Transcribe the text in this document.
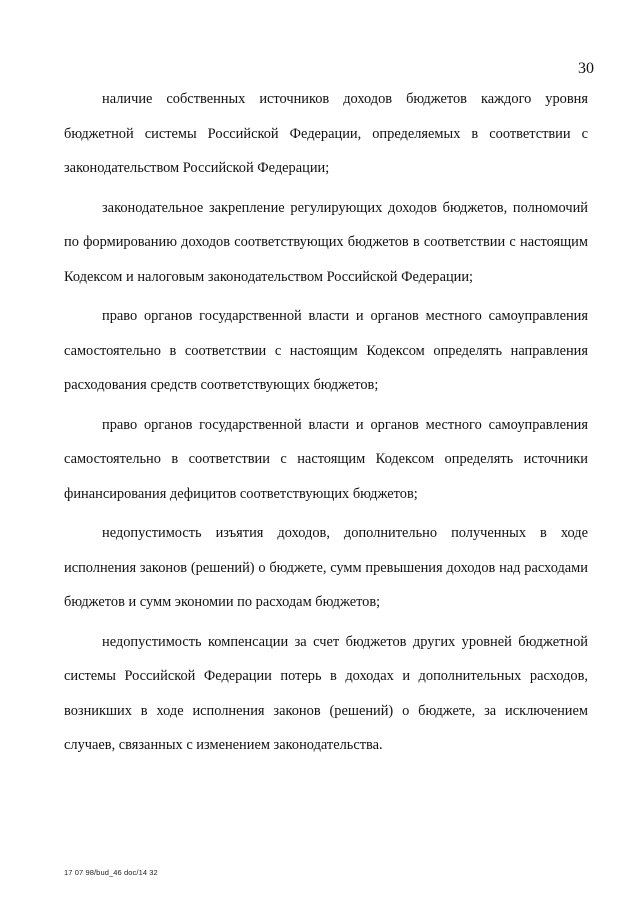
30

наличие собственных источников доходов бюджетов каждого уровня бюджетной системы Российской Федерации, определяемых в соответствии с законодательством Российской Федерации;

законодательное закрепление регулирующих доходов бюджетов, полномочий по формированию доходов соответствующих бюджетов в соответствии с настоящим Кодексом и налоговым законодательством Российской Федерации;

право органов государственной власти и органов местного самоуправления самостоятельно в соответствии с настоящим Кодексом определять направления расходования средств соответствующих бюджетов;

право органов государственной власти и органов местного самоуправления самостоятельно в соответствии с настоящим Кодексом определять источники финансирования дефицитов соответствующих бюджетов;

недопустимость изъятия доходов, дополнительно полученных в ходе исполнения законов (решений) о бюджете, сумм превышения доходов над расходами бюджетов и сумм экономии по расходам бюджетов;

недопустимость компенсации за счет бюджетов других уровней бюджетной системы Российской Федерации потерь в доходах и дополнительных расходов, возникших в ходе исполнения законов (решений) о бюджете, за исключением случаев, связанных с изменением законодательства.

17 07 98/bud_46 doc/14 32
